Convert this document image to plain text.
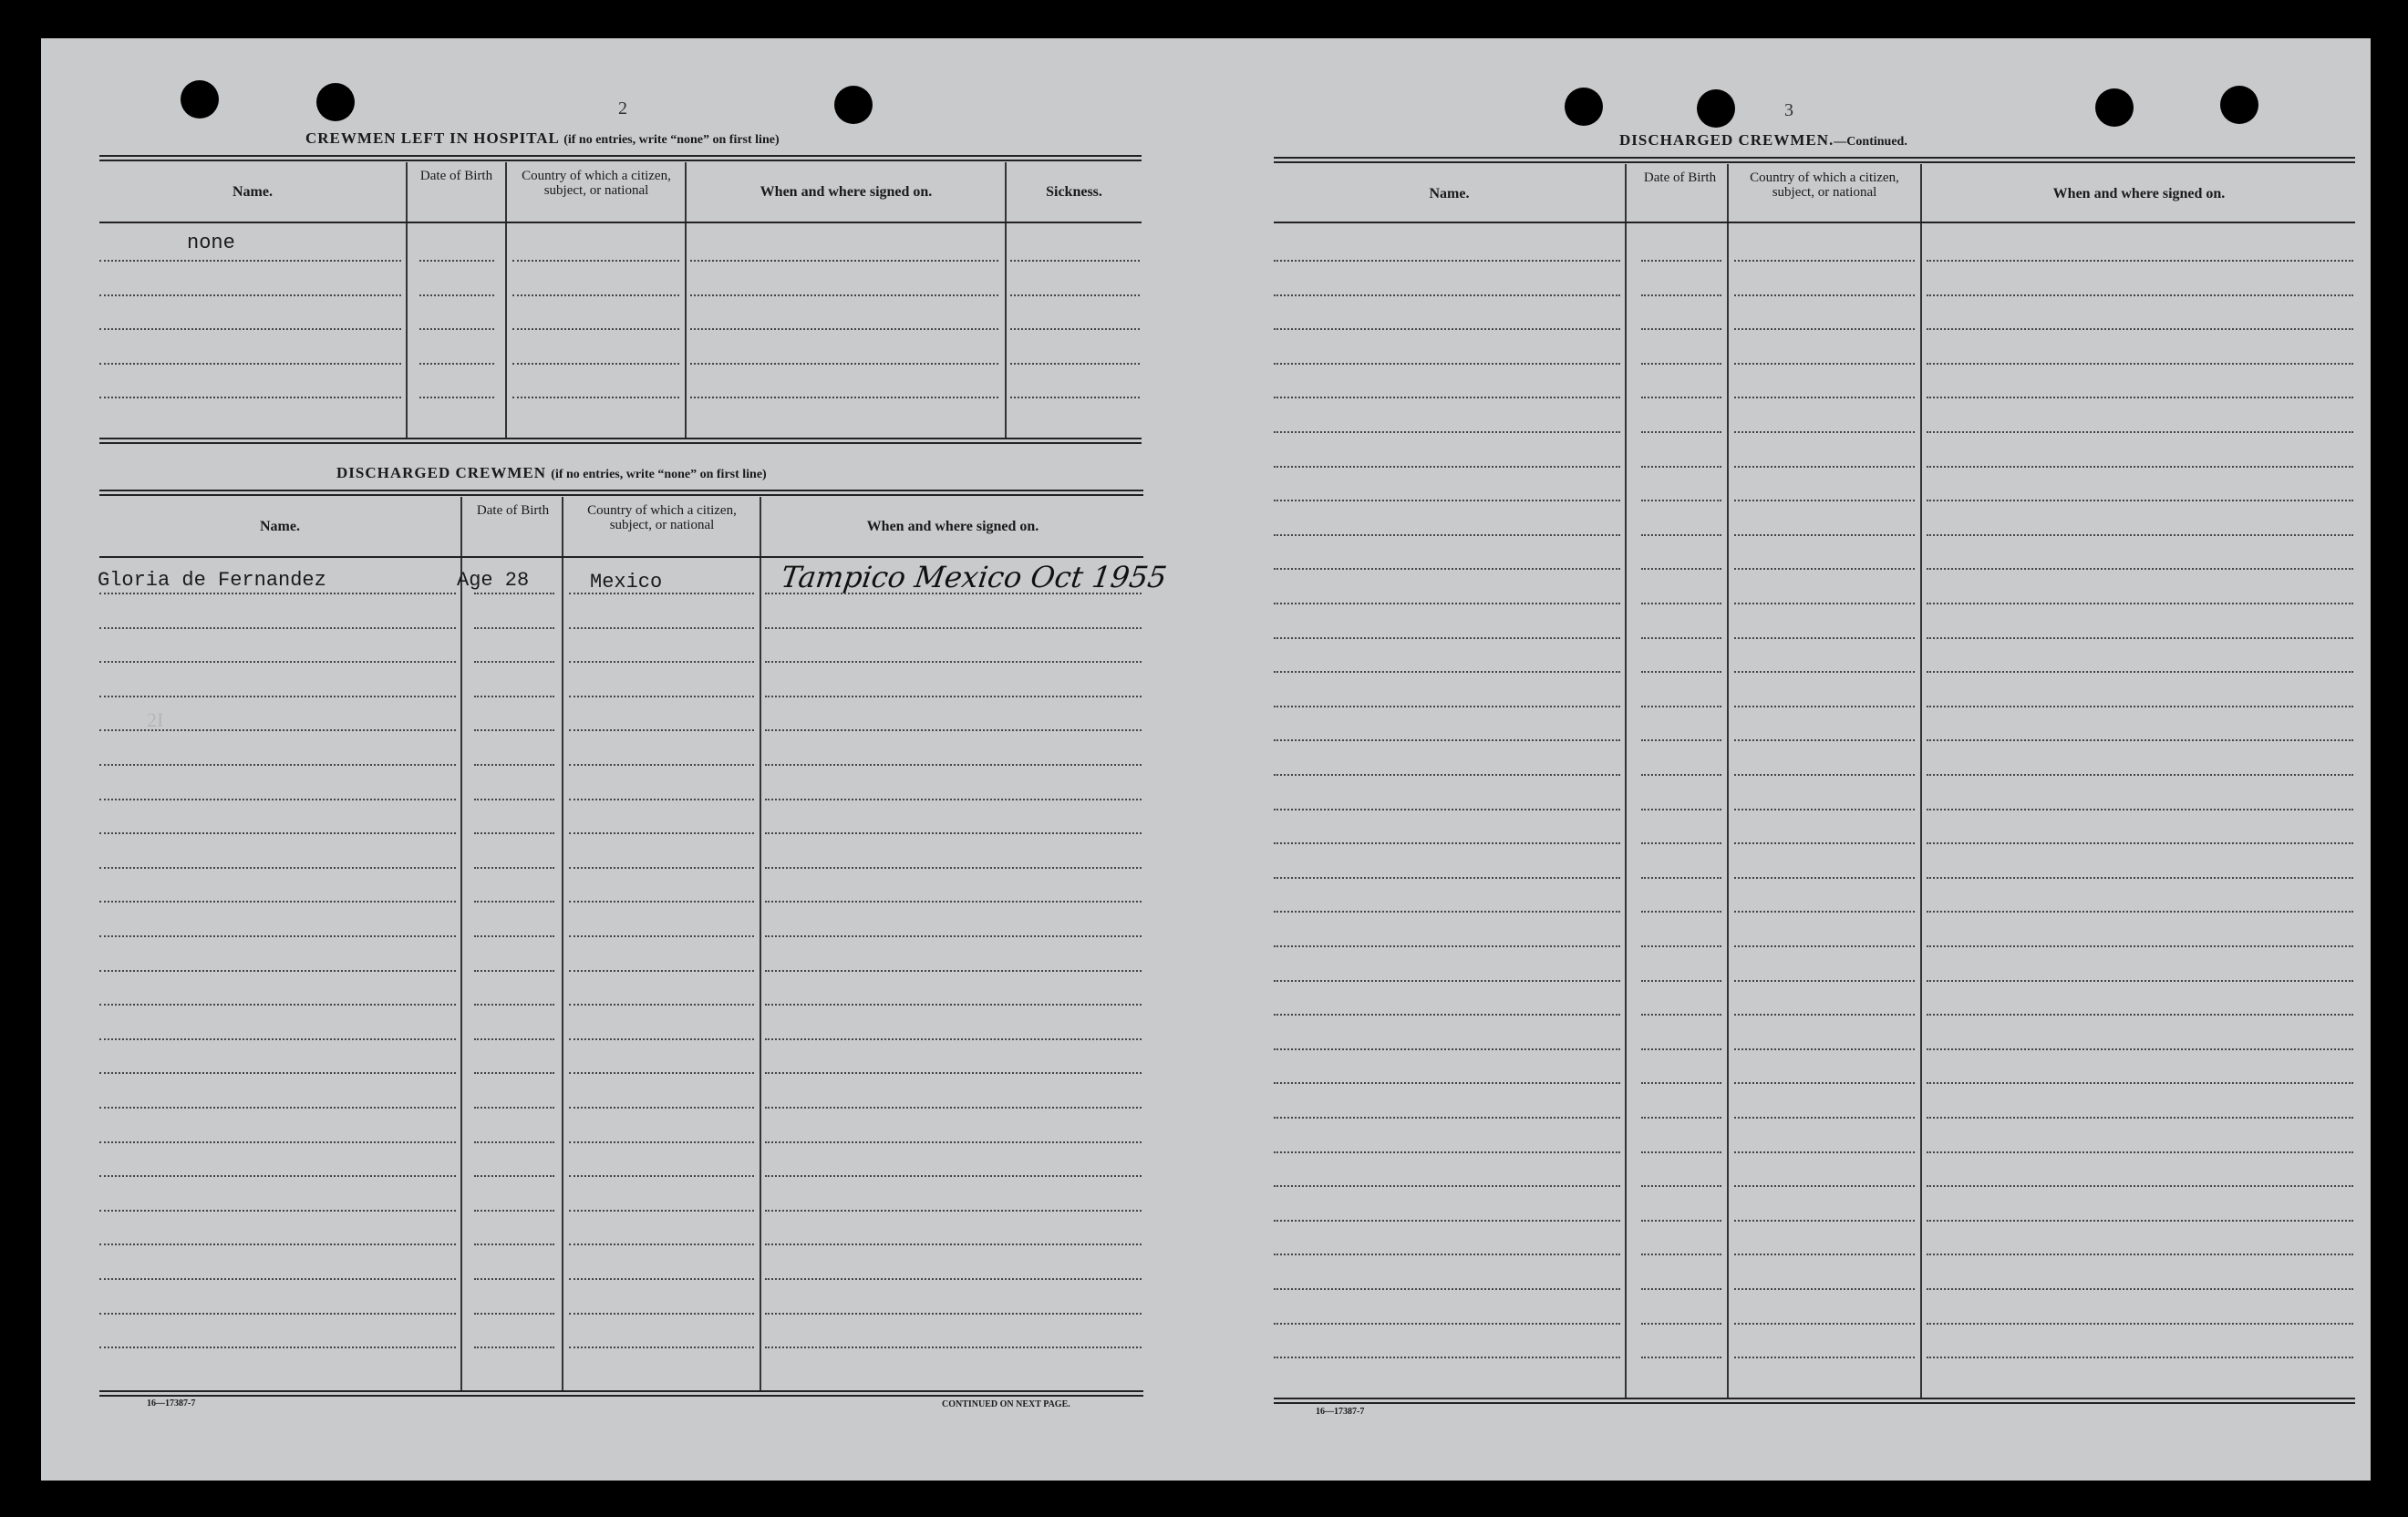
2
CREWMEN LEFT IN HOSPITAL (if no entries, write “none” on first line)
Name.
Date of Birth	Country of which a citizen, subject, or national	When and where signed on.	Sickness.
none
DISCHARGED CREWMEN (if no entries, write “none” on first line)
Name.
Date of Birth	Country of which a citizen, subject, or national	When and where signed on.
Gloria de Fernandez	Age 28	Mexico	Tampico Mexico Oct 1955
2I
16—17387-7	CONTINUED ON NEXT PAGE.
3
DISCHARGED CREWMEN.—Continued.
Name.
Date of Birth	Country of which a citizen, subject, or national	When and where signed on.
16—17387-7
